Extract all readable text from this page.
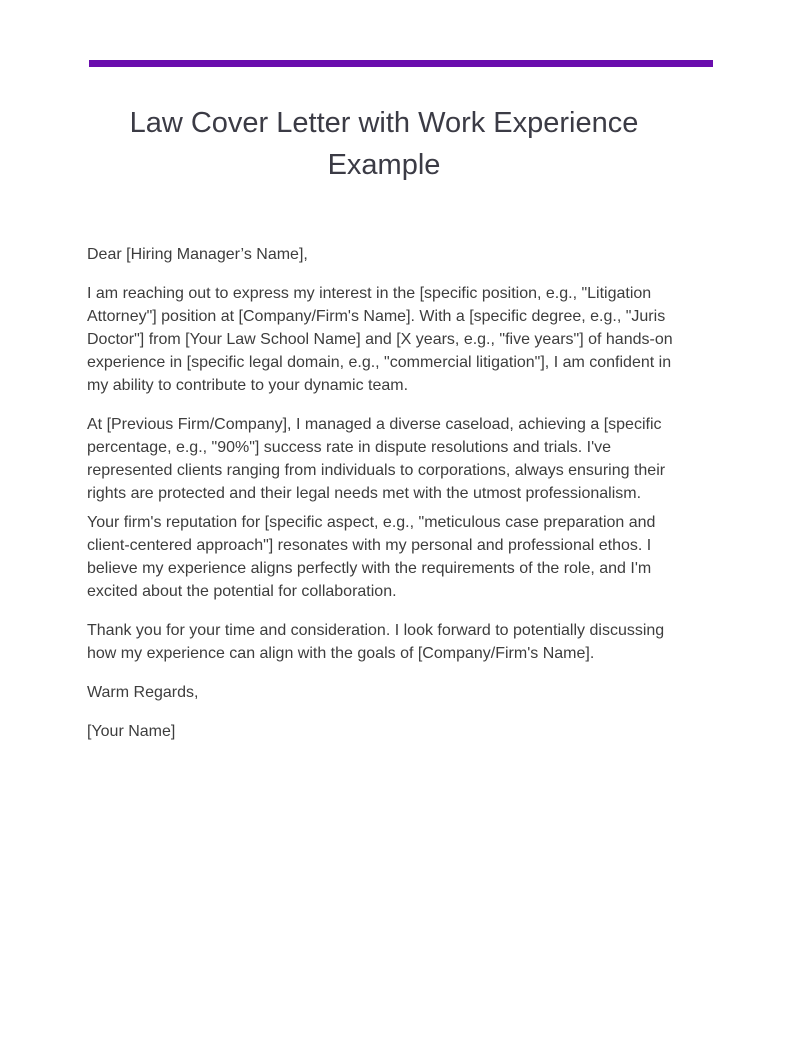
Law Cover Letter with Work Experience Example

Dear [Hiring Manager’s Name],

I am reaching out to express my interest in the [specific position, e.g., "Litigation Attorney"] position at [Company/Firm's Name]. With a [specific degree, e.g., "Juris Doctor"] from [Your Law School Name] and [X years, e.g., "five years"] of hands-on experience in [specific legal domain, e.g., "commercial litigation"], I am confident in my ability to contribute to your dynamic team.

At [Previous Firm/Company], I managed a diverse caseload, achieving a [specific percentage, e.g., "90%"] success rate in dispute resolutions and trials. I've represented clients ranging from individuals to corporations, always ensuring their rights are protected and their legal needs met with the utmost professionalism.

Your firm's reputation for [specific aspect, e.g., "meticulous case preparation and client-centered approach"] resonates with my personal and professional ethos. I believe my experience aligns perfectly with the requirements of the role, and I'm excited about the potential for collaboration.

Thank you for your time and consideration. I look forward to potentially discussing how my experience can align with the goals of [Company/Firm's Name].

Warm Regards,

[Your Name]
